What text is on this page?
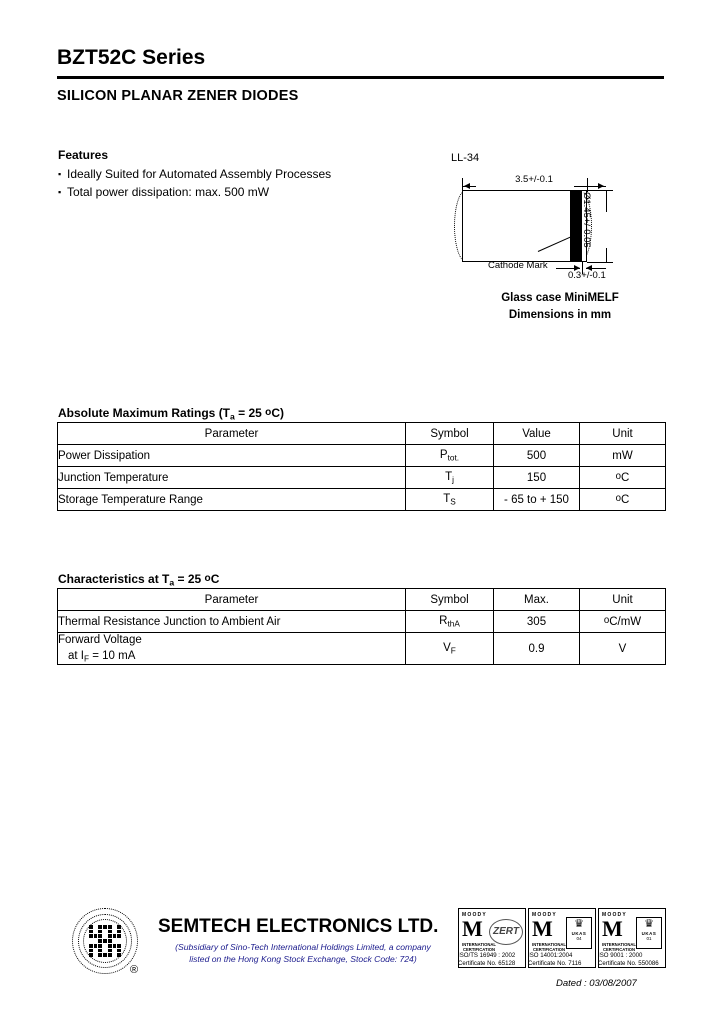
BZT52C Series
SILICON PLANAR ZENER DIODES
Features
▪ Ideally Suited for Automated Assembly Processes
▪ Total power dissipation: max. 500 mW
LL-34
3.5+/-0.1
Ø1.45+/-0.05
0.3+/-0.1
Cathode Mark
Glass case MiniMELF
Dimensions in mm
Absolute Maximum Ratings ($T_a = 25$ oC)
Parameter	Symbol	Value	Unit
Power Dissipation	$P_{tot.}$	500	mW
Junction Temperature	$T_j$	150	oC
Storage Temperature Range	$T_S$	- 65 to + 150	oC
Characteristics at $T_a = 25$ oC
Parameter	Symbol	Max.	Unit
Thermal Resistance Junction to Ambient Air	$R_{thA}$	305	oC/mW
Forward Voltage
at $I_F = 10$ mA	$V_F$	0.9	V
®
SEMTECH ELECTRONICS LTD.
(Subsidiary of Sino-Tech International Holdings Limited, a company
listed on the Hong Kong Stock Exchange, Stock Code: 724)
MOODY
M
INTERNATIONAL CERTIFICATION
ZERT
ISO/TS 16949 : 2002
Certificate No. 65128
MOODY
M
INTERNATIONAL CERTIFICATION
♛
UKAS
04
ISO 14001:2004
Certificate No. 7116
MOODY
M
INTERNATIONAL CERTIFICATION
♛
UKAS
01
ISO 9001 : 2000
Certificate No. 550086
Dated : 03/08/2007
